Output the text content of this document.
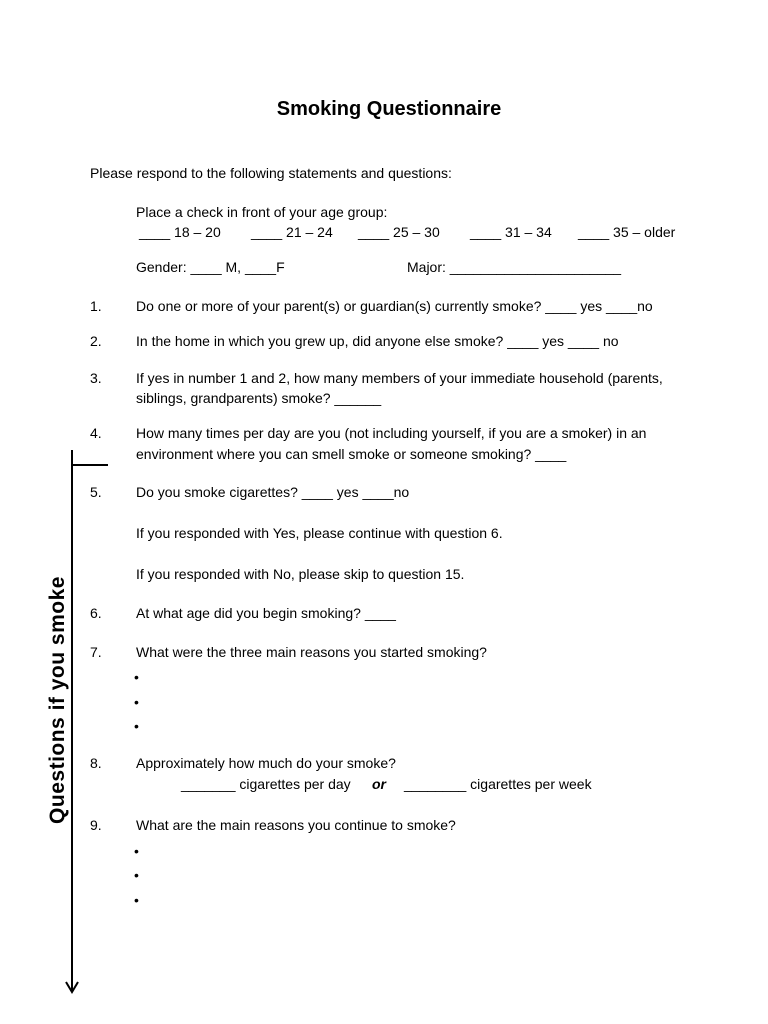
Smoking Questionnaire
Please respond to the following statements and questions:
Place a check in front of your age group:
____ 18 – 20 ____ 21 – 24 ____ 25 – 30 ____ 31 – 34 ____ 35 – older
Gender: ____ M, ____F	Major: ______________________
1. Do one or more of your parent(s) or guardian(s) currently smoke? ____ yes ____no
2. In the home in which you grew up, did anyone else smoke? ____ yes ____ no
3. If yes in number 1 and 2, how many members of your immediate household (parents,
siblings, grandparents) smoke? ______
4. How many times per day are you (not including yourself, if you are a smoker) in an
environment where you can smell smoke or someone smoking? ____
5. Do you smoke cigarettes? ____ yes ____no
If you responded with Yes, please continue with question 6.
If you responded with No, please skip to question 15.
6. At what age did you begin smoking? ____
7. What were the three main reasons you started smoking?
•
•
•
8. Approximately how much do your smoke?
_______ cigarettes per day or ________ cigarettes per week
9. What are the main reasons you continue to smoke?
•
•
•
Questions if you smoke
